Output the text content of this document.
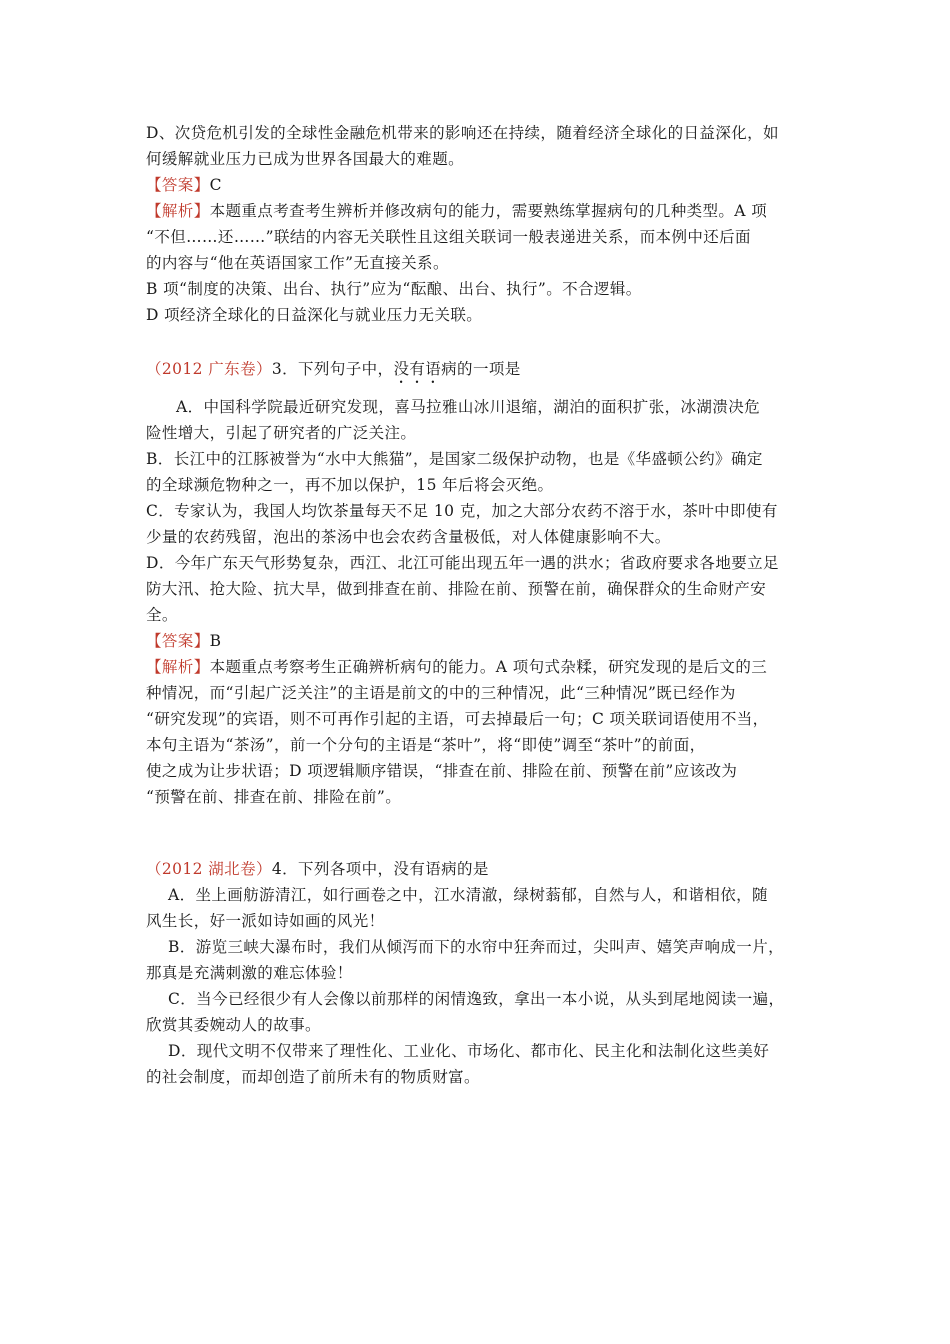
D、次贷危机引发的全球性金融危机带来的影响还在持续，随着经济全球化的日益深化，如
何缓解就业压力已成为世界各国最大的难题。
【答案】C
【解析】本题重点考查考生辨析并修改病句的能力，需要熟练掌握病句的几种类型。A 项
“不但……还……”联结的内容无关联性且这组关联词一般表递进关系，而本例中还后面
的内容与“他在英语国家工作”无直接关系。
B 项“制度的决策、出台、执行”应为“酝酿、出台、执行”。不合逻辑。
D 项经济全球化的日益深化与就业压力无关联。
（2012 广东卷）3．下列句子中，没有语病的一项是
A．中国科学院最近研究发现，喜马拉雅山冰川退缩，湖泊的面积扩张，冰湖溃决危
险性增大，引起了研究者的广泛关注。
B．长江中的江豚被誉为“水中大熊猫”，是国家二级保护动物，也是《华盛顿公约》确定
的全球濒危物种之一，再不加以保护，15 年后将会灭绝。
C．专家认为，我国人均饮茶量每天不足 10 克，加之大部分农药不溶于水，茶叶中即使有
少量的农药残留，泡出的茶汤中也会农药含量极低，对人体健康影响不大。
D．今年广东天气形势复杂，西江、北江可能出现五年一遇的洪水；省政府要求各地要立足
防大汛、抢大险、抗大旱，做到排查在前、排险在前、预警在前，确保群众的生命财产安
全。
【答案】B
【解析】本题重点考察考生正确辨析病句的能力。A 项句式杂糅，研究发现的是后文的三
种情况，而“引起广泛关注”的主语是前文的中的三种情况，此“三种情况”既已经作为
“研究发现”的宾语，则不可再作引起的主语，可去掉最后一句；C 项关联词语使用不当，
本句主语为“茶汤”，前一个分句的主语是“茶叶”，将“即使”调至“茶叶”的前面，
使之成为让步状语；D 项逻辑顺序错误，“排查在前、排险在前、预警在前”应该改为
“预警在前、排查在前、排险在前”。
（2012 湖北卷）4．下列各项中，没有语病的是
A．坐上画舫游清江，如行画卷之中，江水清澈，绿树蓊郁，自然与人，和谐相依，随
风生长，好一派如诗如画的风光！
B．游览三峡大瀑布时，我们从倾泻而下的水帘中狂奔而过，尖叫声、嬉笑声响成一片，
那真是充满刺激的难忘体验！
C．当今已经很少有人会像以前那样的闲情逸致，拿出一本小说，从头到尾地阅读一遍，
欣赏其委婉动人的故事。
D．现代文明不仅带来了理性化、工业化、市场化、都市化、民主化和法制化这些美好
的社会制度，而却创造了前所未有的物质财富。
